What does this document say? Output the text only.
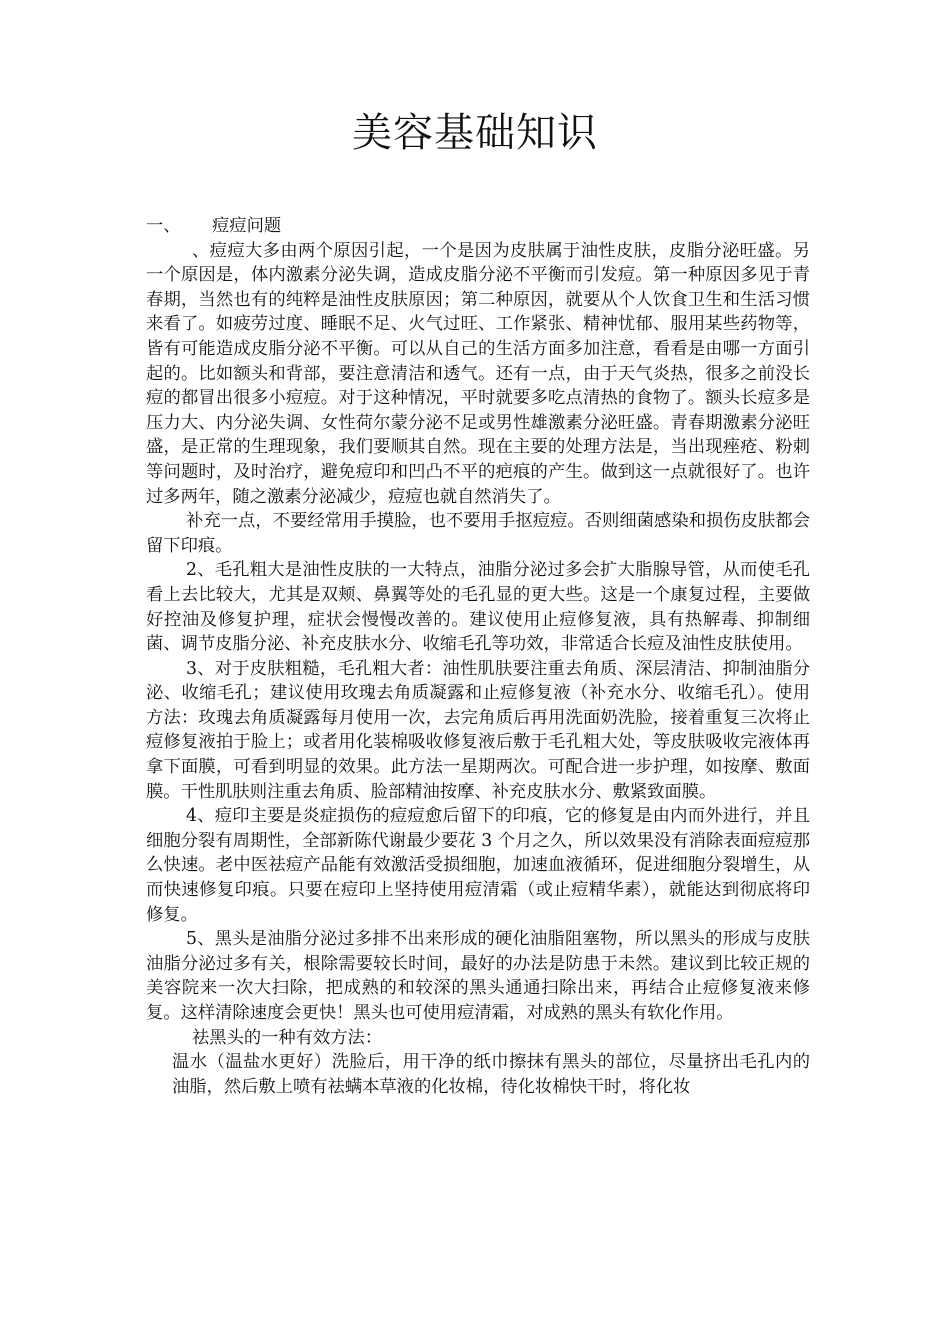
美容基础知识
一、 痘痘问题

、痘痘大多由两个原因引起，一个是因为皮肤属于油性皮肤，皮脂分泌旺盛。另一个原因是，体内激素分泌失调，造成皮脂分泌不平衡而引发痘。第一种原因多见于青春期，当然也有的纯粹是油性皮肤原因；第二种原因，就要从个人饮食卫生和生活习惯来看了。如疲劳过度、睡眠不足、火气过旺、工作紧张、精神忧郁、服用某些药物等，皆有可能造成皮脂分泌不平衡。可以从自己的生活方面多加注意，看看是由哪一方面引起的。比如额头和背部，要注意清洁和透气。还有一点，由于天气炎热，很多之前没长痘的都冒出很多小痘痘。对于这种情况，平时就要多吃点清热的食物了。额头长痘多是压力大、内分泌失调、女性荷尔蒙分泌不足或男性雄激素分泌旺盛。青春期激素分泌旺盛，是正常的生理现象，我们要顺其自然。现在主要的处理方法是，当出现痤疮、粉刺等问题时，及时治疗，避免痘印和凹凸不平的疤痕的产生。做到这一点就很好了。也许过多两年，随之激素分泌减少，痘痘也就自然消失了。

补充一点，不要经常用手摸脸，也不要用手抠痘痘。否则细菌感染和损伤皮肤都会留下印痕。

2、毛孔粗大是油性皮肤的一大特点，油脂分泌过多会扩大脂腺导管，从而使毛孔看上去比较大，尤其是双颊、鼻翼等处的毛孔显的更大些。这是一个康复过程，主要做好控油及修复护理，症状会慢慢改善的。建议使用止痘修复液，具有热解毒、抑制细菌、调节皮脂分泌、补充皮肤水分、收缩毛孔等功效，非常适合长痘及油性皮肤使用。

3、对于皮肤粗糙，毛孔粗大者：油性肌肤要注重去角质、深层清洁、抑制油脂分泌、收缩毛孔；建议使用玫瑰去角质凝露和止痘修复液（补充水分、收缩毛孔）。使用方法：玫瑰去角质凝露每月使用一次，去完角质后再用洗面奶洗脸，接着重复三次将止痘修复液拍于脸上；或者用化装棉吸收修复液后敷于毛孔粗大处，等皮肤吸收完液体再拿下面膜，可看到明显的效果。此方法一星期两次。可配合进一步护理，如按摩、敷面膜。干性肌肤则注重去角质、脸部精油按摩、补充皮肤水分、敷紧致面膜。

4、痘印主要是炎症损伤的痘痘愈后留下的印痕，它的修复是由内而外进行，并且细胞分裂有周期性，全部新陈代谢最少要花 3 个月之久，所以效果没有消除表面痘痘那么快速。老中医祛痘产品能有效激活受损细胞，加速血液循环，促进细胞分裂增生，从而快速修复印痕。只要在痘印上坚持使用痘清霜（或止痘精华素），就能达到彻底将印修复。

5、黑头是油脂分泌过多排不出来形成的硬化油脂阻塞物，所以黑头的形成与皮肤油脂分泌过多有关，根除需要较长时间，最好的办法是防患于未然。建议到比较正规的美容院来一次大扫除，把成熟的和较深的黑头通通扫除出来，再结合止痘修复液来修复。这样清除速度会更快！黑头也可使用痘清霜，对成熟的黑头有软化作用。

祛黑头的一种有效方法：

温水（温盐水更好）洗脸后，用干净的纸巾擦抹有黑头的部位，尽量挤出毛孔内的油脂，然后敷上喷有祛螨本草液的化妆棉，待化妆棉快干时，将化妆
